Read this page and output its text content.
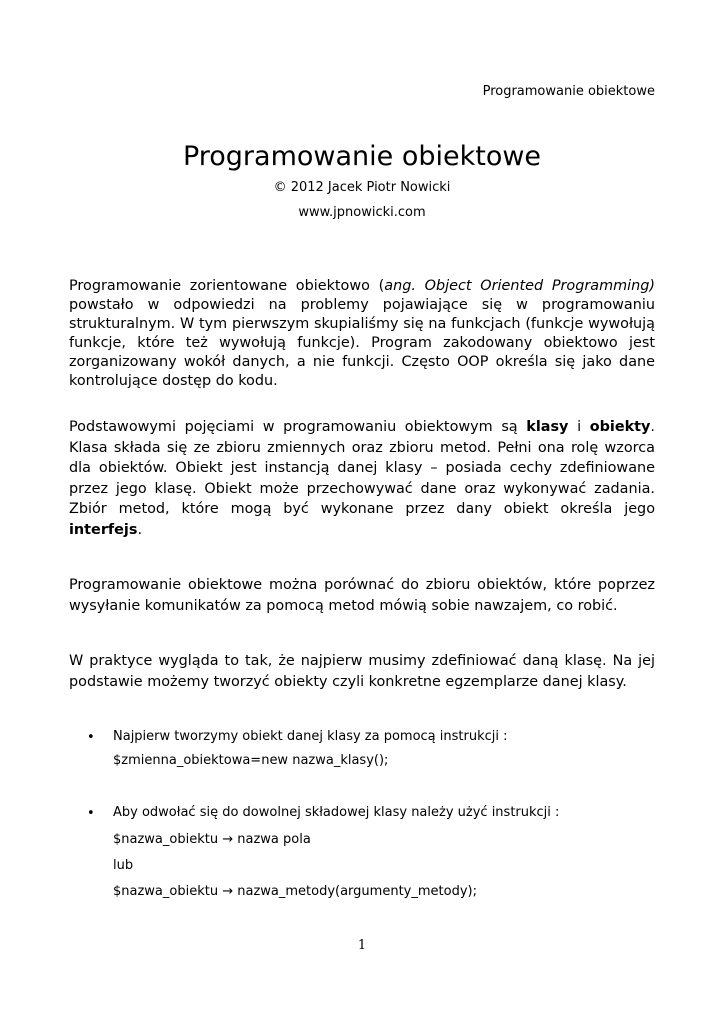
Programowanie obiektowe
Programowanie obiektowe
© 2012 Jacek Piotr Nowicki
www.jpnowicki.com

Programowanie zorientowane obiektowo (ang. Object Oriented Programming) powstało w odpowiedzi na problemy pojawiające się w programowaniu strukturalnym. W tym pierwszym skupialiśmy się na funkcjach (funkcje wywołują funkcje, które też wywołują funkcje). Program zakodowany obiektowo jest zorganizowany wokół danych, a nie funkcji. Często OOP określa się jako dane kontrolujące dostęp do kodu.

Podstawowymi pojęciami w programowaniu obiektowym są klasy i obiekty. Klasa składa się ze zbioru zmiennych oraz zbioru metod. Pełni ona rolę wzorca dla obiektów. Obiekt jest instancją danej klasy – posiada cechy zdefiniowane przez jego klasę. Obiekt może przechowywać dane oraz wykonywać zadania. Zbiór metod, które mogą być wykonane przez dany obiekt określa jego interfejs.

Programowanie obiektowe można porównać do zbioru obiektów, które poprzez wysyłanie komunikatów za pomocą metod mówią sobie nawzajem, co robić.

W praktyce wygląda to tak, że najpierw musimy zdefiniować daną klasę. Na jej podstawie możemy tworzyć obiekty czyli konkretne egzemplarze danej klasy.

• Najpierw tworzymy obiekt danej klasy za pomocą instrukcji :
$zmienna_obiektowa=new nazwa_klasy();
• Aby odwołać się do dowolnej składowej klasy należy użyć instrukcji :
$nazwa_obiektu → nazwa pola
lub
$nazwa_obiektu → nazwa_metody(argumenty_metody);
1
